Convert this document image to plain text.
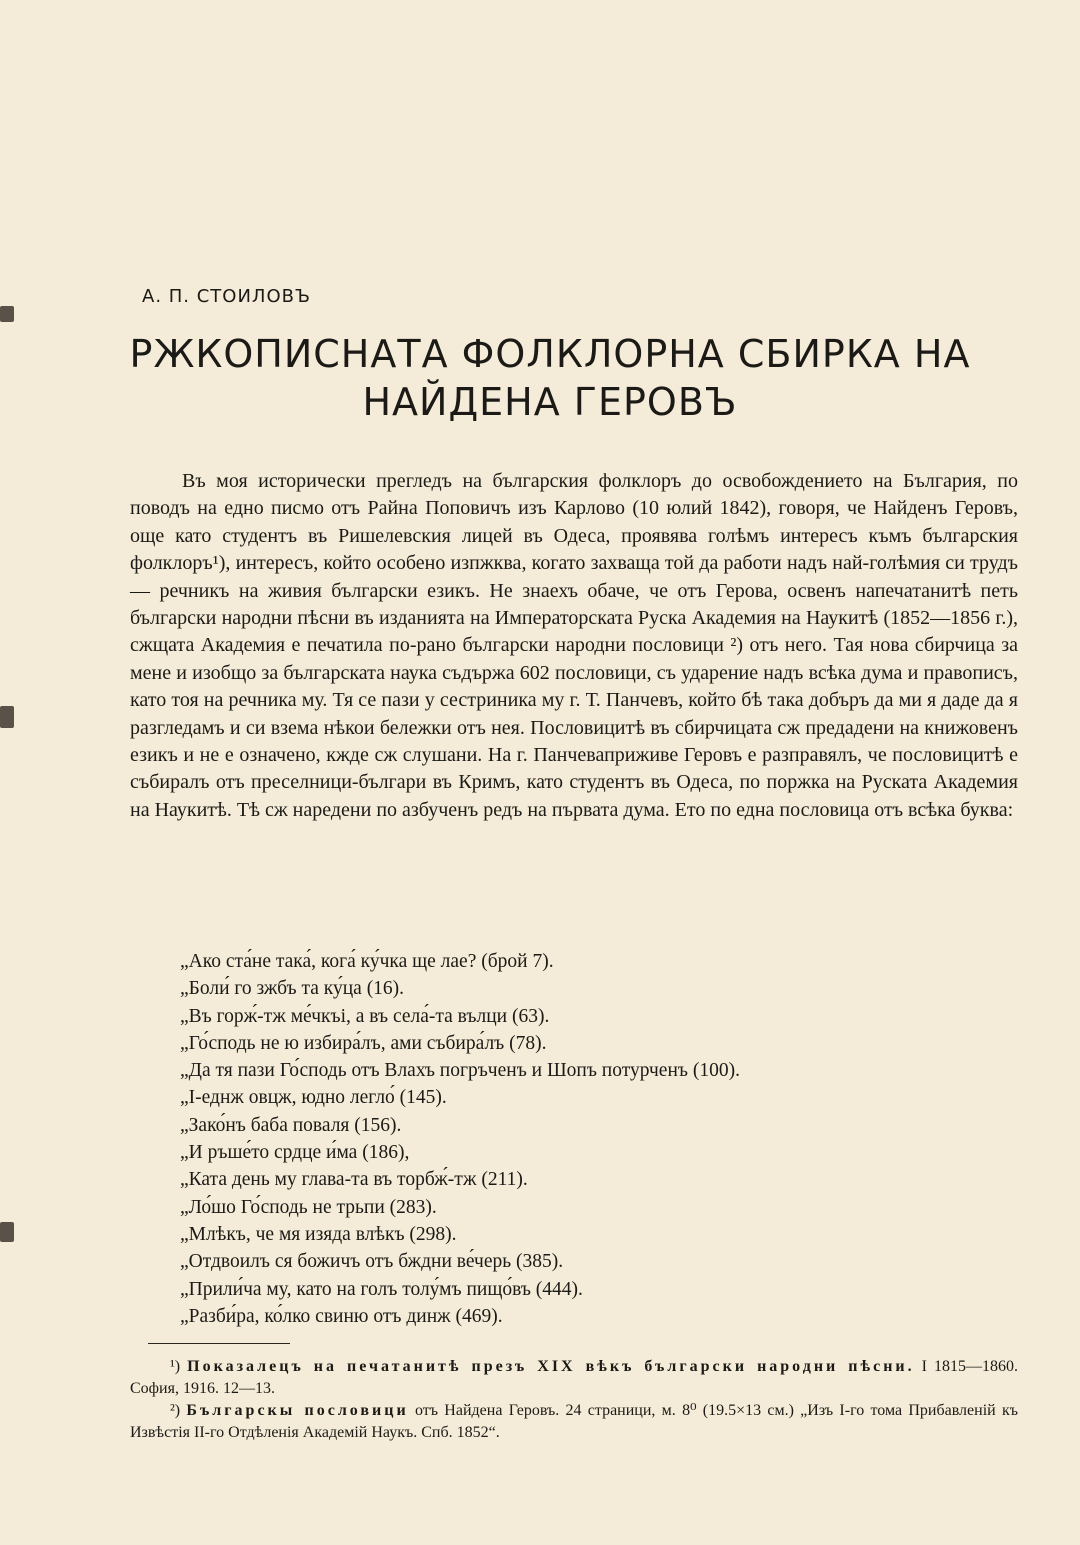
А. П. СТОИЛОВЪ
РЖКОПИСНАТА ФОЛКЛОРНА СБИРКА НА
НАЙДЕНА ГЕРОВЪ

Въ моя исторически прегледъ на българския фолклоръ до освобождението на България, по поводъ на едно писмо отъ Райна Поповичъ изъ Карлово (10 юлий 1842), говоря, че Найденъ Геровъ, още като студентъ въ Ришелевския лицей въ Одеса, проявява голѣмъ интересъ къмъ българския фолклоръ¹), интересъ, който особено изпжква, когато захваща той да работи надъ най-голѣмия си трудъ — речникъ на живия български езикъ. Не знаехъ обаче, че отъ Герова, освенъ напечатанитѣ петь български народни пѣсни въ изданията на Императорската Руска Академия на Наукитѣ (1852—1856 г.), сжщата Академия е печатила по-рано български народни пословици ²) отъ него. Тая нова сбирчица за мене и изобщо за българската наука съдържа 602 пословици, съ ударение надъ всѣка дума и правописъ, като тоя на речника му. Тя се пази у сестриника му г. Т. Панчевъ, който бѣ така добъръ да ми я даде да я разгледамъ и си взема нѣкои бележки отъ нея. Пословицитѣ въ сбирчицата сж предадени на книжовенъ езикъ и не е означено, кжде сж слушани. На г. Панчеваприживе Геровъ е разправялъ, че пословицитѣ е събиралъ отъ преселници-българи въ Кримъ, като студентъ въ Одеса, по поржка на Руската Академия на Наукитѣ. Тѣ сж наредени по азбученъ редъ на първата дума. Ето по една пословица отъ всѣка буква:

„Ако ста́не така́, кога́ ку́чка ще лае? (брой 7).
„Боли́ го зжбъ та ку́ца (16).
„Въ горж́-тж ме́чкъі, а въ села́-та вълци (63).
„Го́сподь не ю избира́лъ, ами събира́лъ (78).
„Да тя пази Го́сподь отъ Влахъ погръченъ и Шопъ потурченъ (100).
„І-еднж овцж, юдно легло́ (145).
„Зако́нъ баба поваля (156).
„И ръше́то срдце и́ма (186),
„Ката день му глава-та въ торбж́-тж (211).
„Ло́шо Го́сподь не трьпи (283).
„Млѣкъ, че мя изяда влѣкъ (298).
„Отдвоилъ ся божичъ отъ бждни ве́черь (385).
„Прили́ча му, като на голъ толу́мъ пищо́въ (444).
„Разби́ра, ко́лко свиню отъ динж (469).

¹) Показалецъ на печатанитѣ презъ XIX вѣкъ български народни пѣсни. I 1815—1860. София, 1916. 12—13.

²) Българскы пословици отъ Найдена Геровъ. 24 страници, м. 8⁰ (19.5×13 см.) „Изъ I-го тома Прибавленій къ Извѣстія II-го Отдѣленія Академій Наукъ. Спб. 1852“.
